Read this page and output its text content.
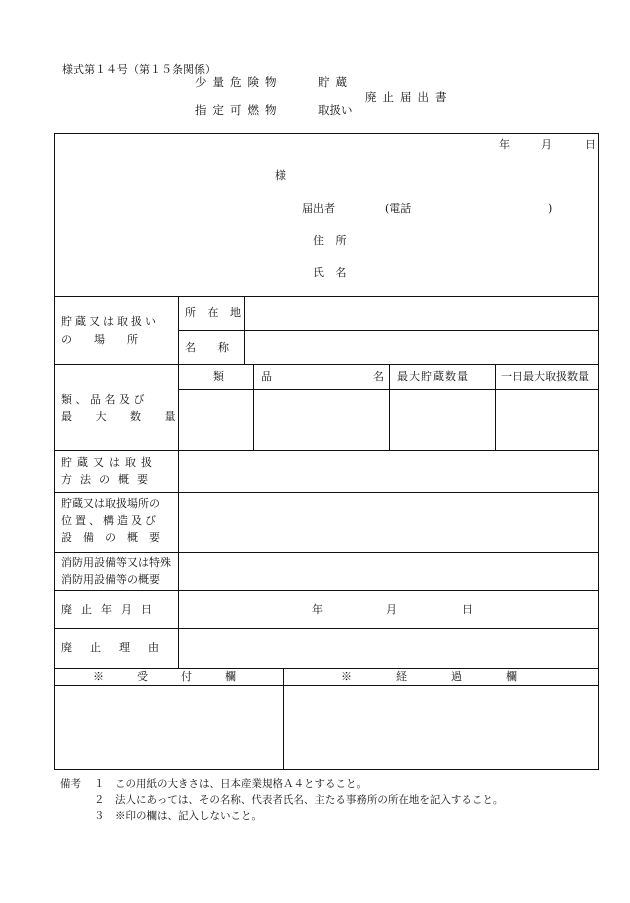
様式第１４号（第１５条関係）
少量危険物	貯蔵
指定可燃物	取扱い
廃止届出書
年	月	日
様
届出者	(電話	)
住 所
氏 名
貯蔵又は取扱い
の　　場　　所
所 在 地
名　　称
類 、 品 名 及 び
最 大 数 量
類	品	名 最大貯蔵数量	一日最大取扱数量
貯蔵又は取扱
方法の概要
貯蔵又は取扱場所の
位置、構造及び
設　備　の　概　要
消防用設備等又は特殊
消防用設備等の概要
廃止年月日	年	月	日
廃止理由
※　　　受　　　付　　　欄	※　　　　経　　　　過　　　　欄
備考 １　この用紙の大きさは、日本産業規格Ａ４とすること。
２　法人にあっては、その名称、代表者氏名、主たる事務所の所在地を記入すること。
３　※印の欄は、記入しないこと。
